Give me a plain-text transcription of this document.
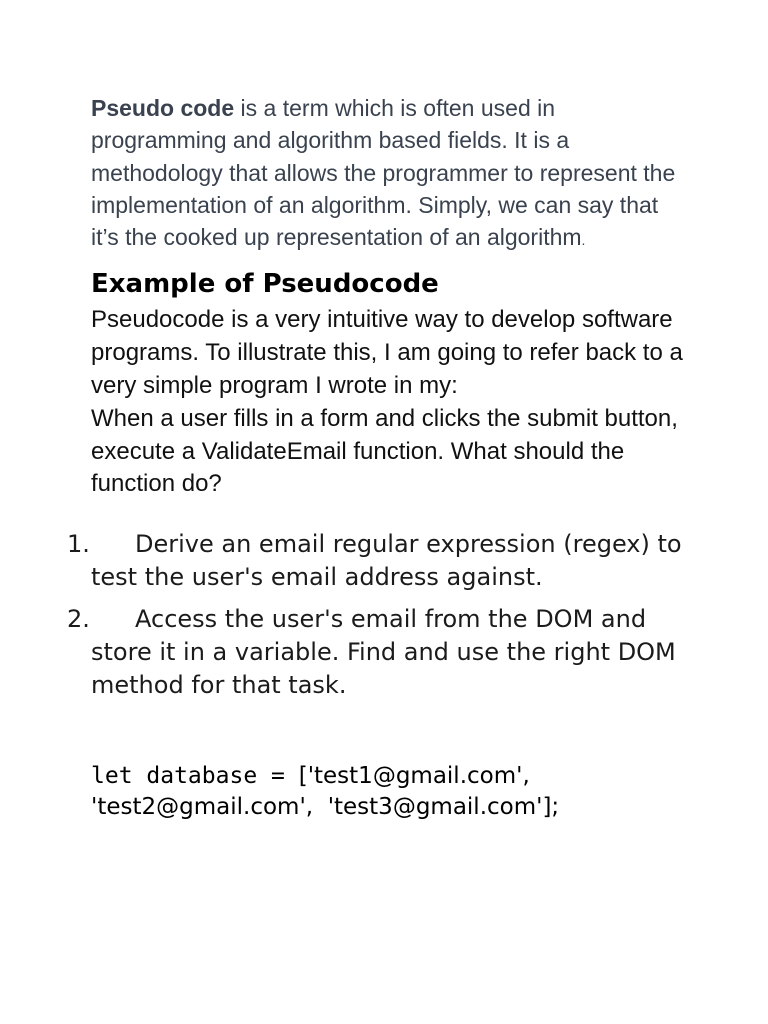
Pseudo code is a term which is often used in programming and algorithm based fields. It is a methodology that allows the programmer to represent the implementation of an algorithm. Simply, we can say that it’s the cooked up representation of an algorithm.

Example of Pseudocode

Pseudocode is a very intuitive way to develop software programs. To illustrate this, I am going to refer back to a very simple program I wrote in my:

When a user fills in a form and clicks the submit button, execute a ValidateEmail function. What should the function do?

1. Derive an email regular expression (regex) to test the user's email address against.
2. Access the user's email from the DOM and store it in a variable. Find and use the right DOM method for that task.
let database = ['test1@gmail.com', 'test2@gmail.com',  'test3@gmail.com'];
